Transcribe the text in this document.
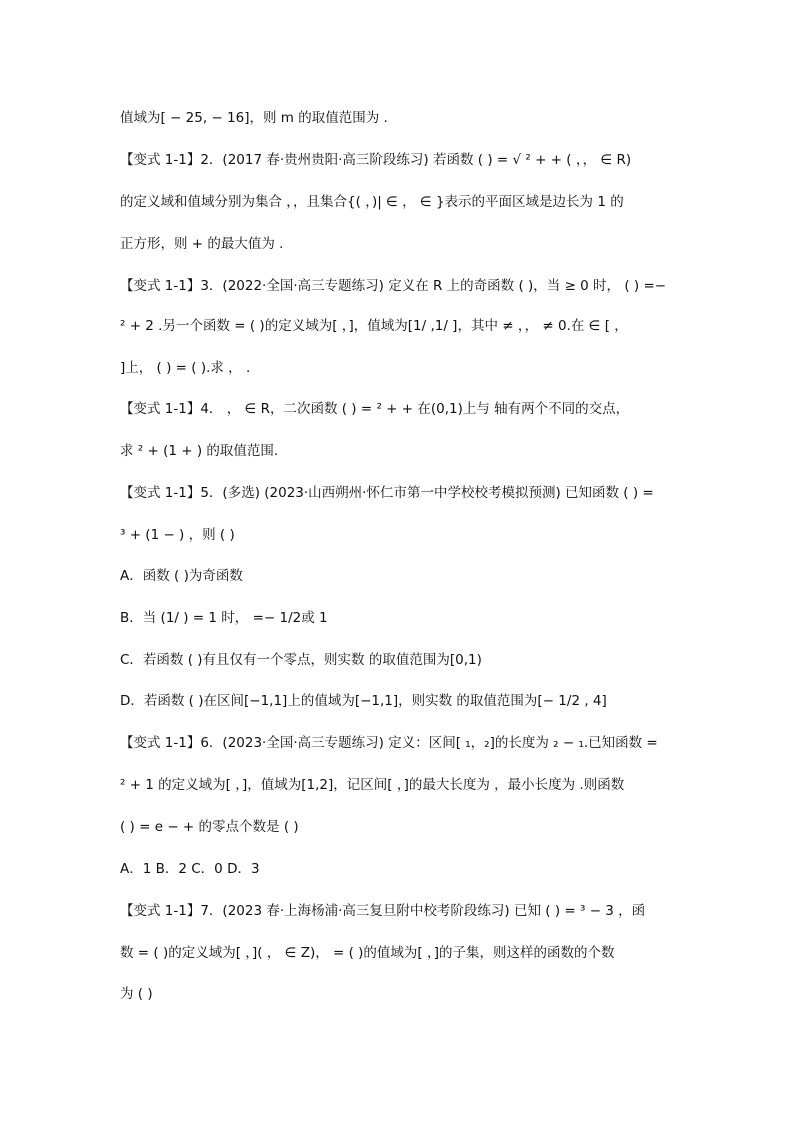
值域为[ − 25, − 16]，则 m 的取值范围为 .
【变式 1-1】2．(2017 春·贵州贵阳·高三阶段练习) 若函数 ( ) = √ ² + + ( ，， ∈ R)
的定义域和值域分别为集合 ，，且集合{( ，)| ∈ ， ∈ }表示的平面区域是边长为 1 的
正方形，则 + 的最大值为 .
【变式 1-1】3．(2022·全国·高三专题练习) 定义在 R 上的奇函数 ( )，当 ≥ 0 时， ( ) =−
² + 2 .另一个函数 = ( )的定义域为[ ，]，值域为[1/ ,1/ ]，其中 ≠ ，， ≠ 0.在 ∈ [ ，
]上， ( ) = ( ).求 ， .
【变式 1-1】4． ， ∈ R，二次函数 ( ) = ² + + 在(0,1)上与 轴有两个不同的交点，
求 ² + (1 + ) 的取值范围.
【变式 1-1】5．(多选) (2023·山西朔州·怀仁市第一中学校校考模拟预测) 已知函数 ( ) =
³ + (1 − ) ，则 ( )
A．函数 ( )为奇函数
B．当 (1/ ) = 1 时， =− 1/2或 1
C．若函数 ( )有且仅有一个零点，则实数 的取值范围为[0,1)
D．若函数 ( )在区间[−1,1]上的值域为[−1,1]，则实数 的取值范围为[− 1/2 , 4]
【变式 1-1】6．(2023·全国·高三专题练习) 定义：区间[ ₁，₂]的长度为 ₂ − ₁.已知函数 =
² + 1 的定义域为[ ，]，值域为[1,2]，记区间[ ，]的最大长度为 ，最小长度为 .则函数
( ) = e − + 的零点个数是 ( )
A．1 B．2 C．0 D．3
【变式 1-1】7．(2023 春·上海杨浦·高三复旦附中校考阶段练习) 已知 ( ) = ³ − 3 ，函
数 = ( )的定义域为[ ，]( ， ∈ Z)， = ( )的值域为[ ，]的子集，则这样的函数的个数
为 ( )
